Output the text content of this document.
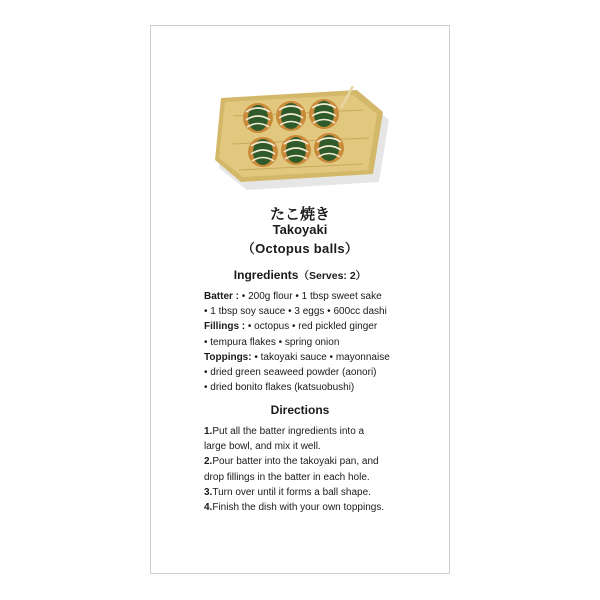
たこ焼き
Takoyaki
（Octopus balls）
Ingredients（Serves: 2）
Batter : • 200g flour • 1 tbsp sweet sake
• 1 tbsp soy sauce • 3 eggs • 600cc dashi
Fillings : • octopus • red pickled ginger
• tempura flakes • spring onion
Toppings: • takoyaki sauce • mayonnaise
• dried green seaweed powder (aonori)
• dried bonito flakes (katsuobushi)
Directions
1.Put all the batter ingredients into a
large bowl, and mix it well.
2.Pour batter into the takoyaki pan, and
drop fillings in the batter in each hole.
3.Turn over until it forms a ball shape.
4.Finish the dish with your own toppings.
